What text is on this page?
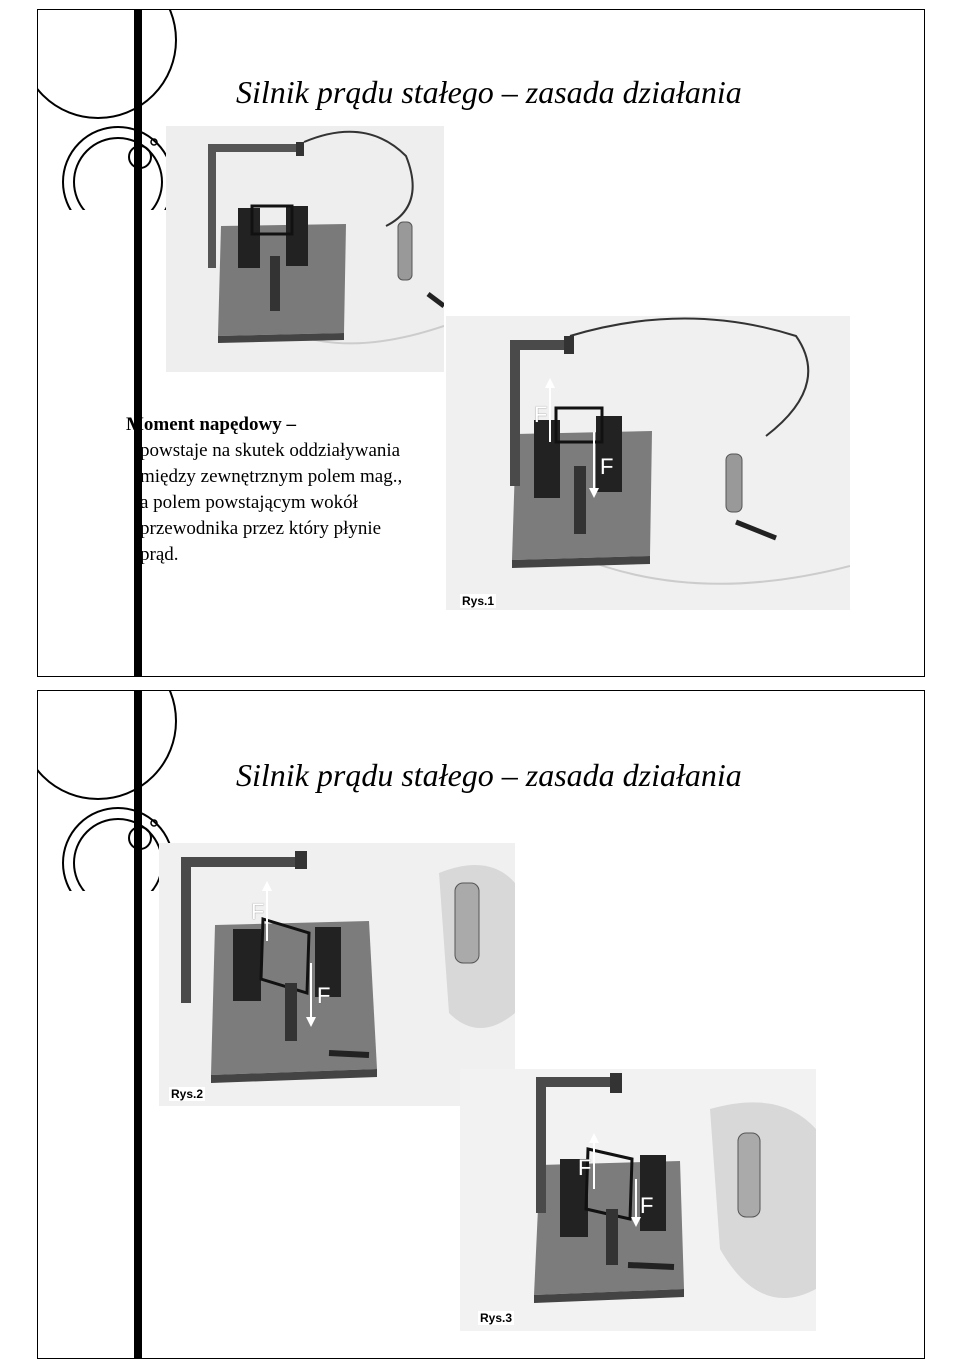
Silnik prądu stałego – zasada działania
F
F
Rys.1
Moment napędowy –
powstaje na skutek oddziaływania
między zewnętrznym polem mag.,
a polem powstającym wokół
przewodnika przez który płynie
prąd.
Silnik prądu stałego – zasada działania
F
F
Rys.2
F
F
Rys.3
